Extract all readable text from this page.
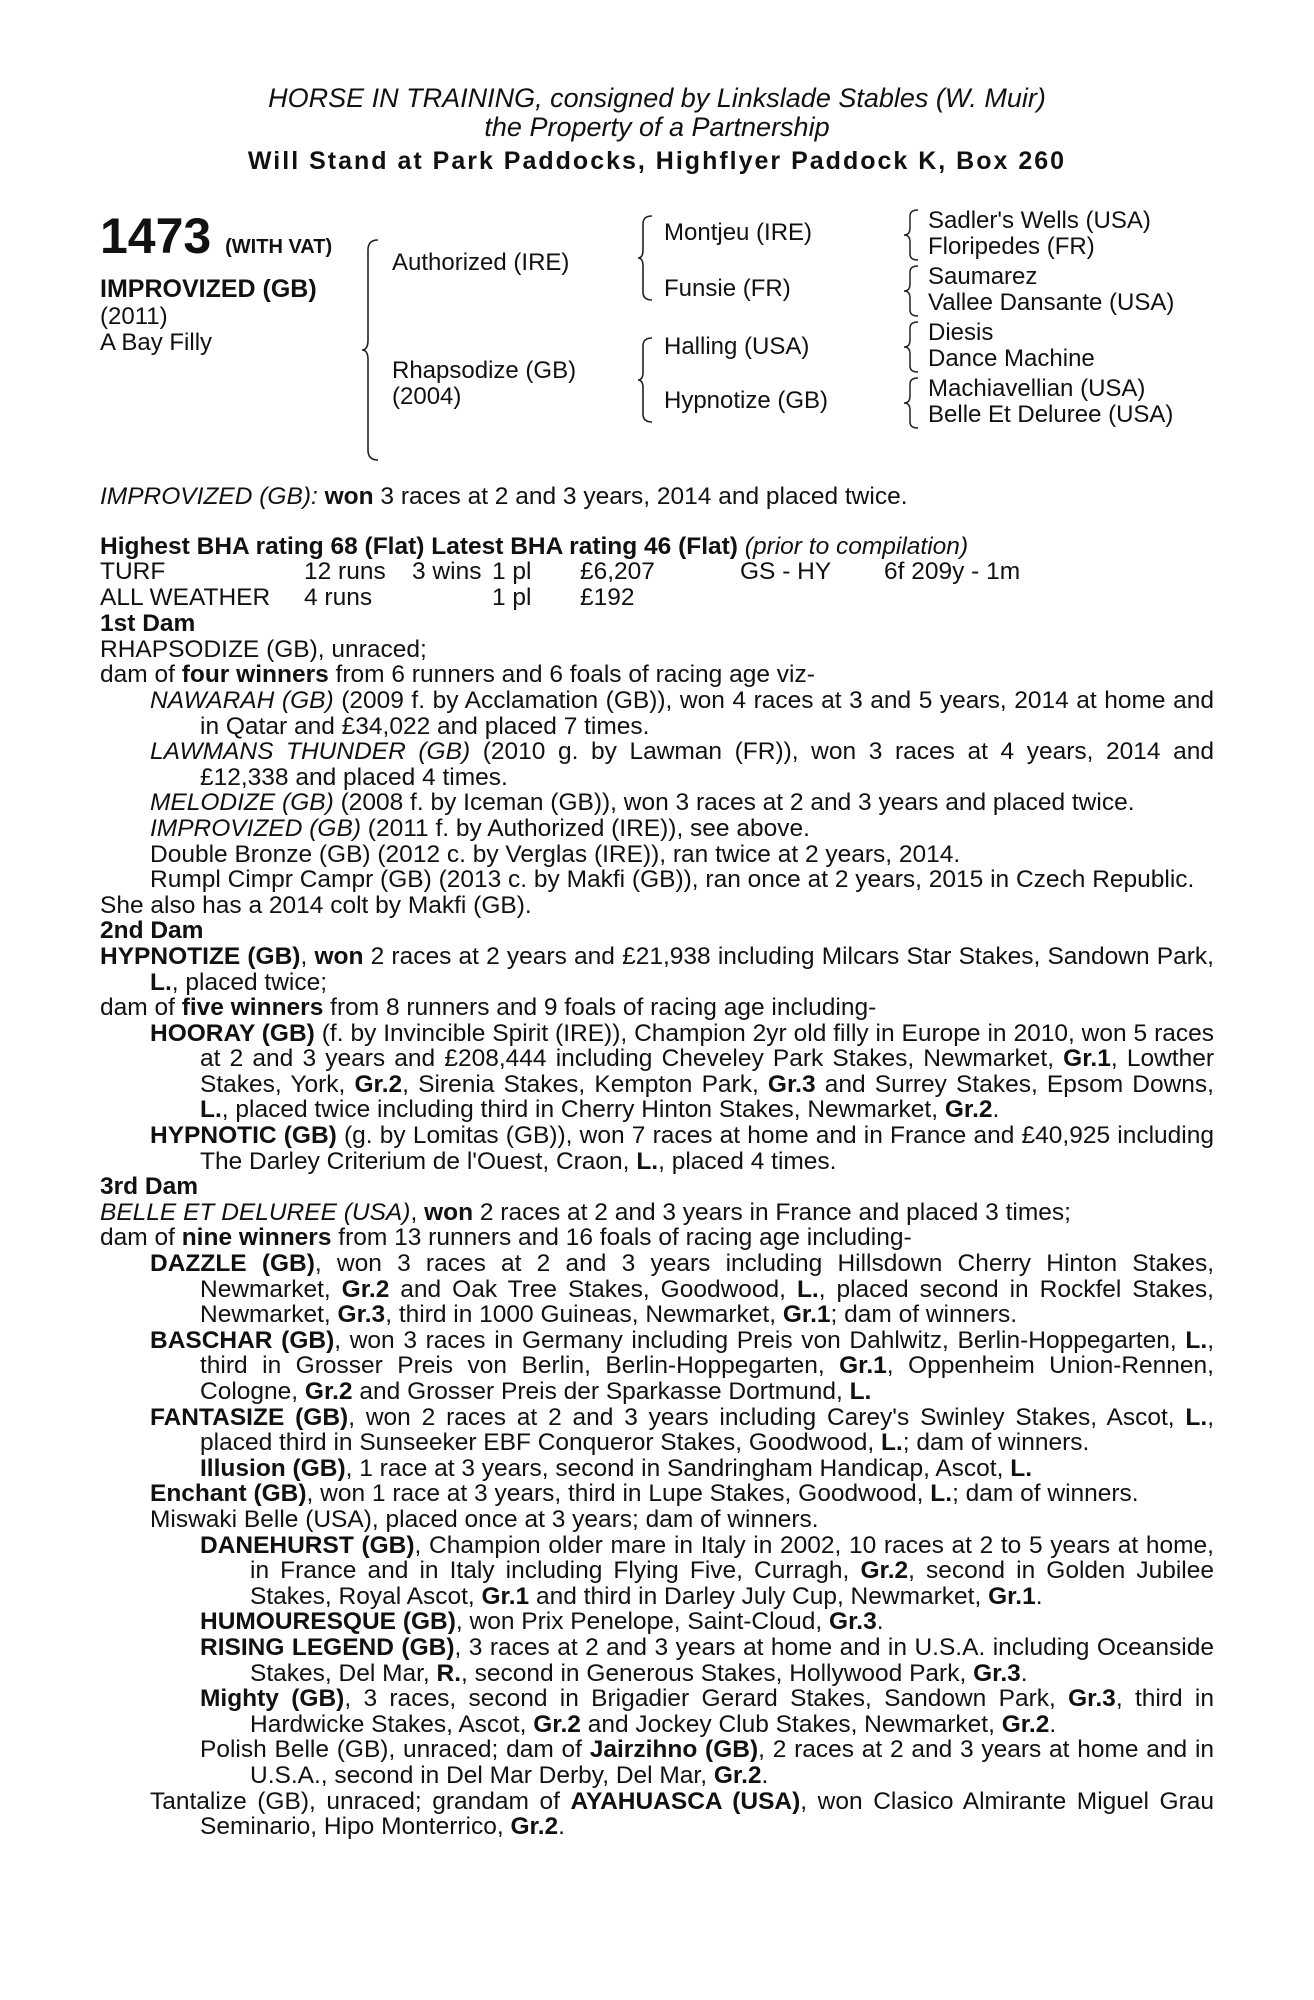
HORSE IN TRAINING, consigned by Linkslade Stables (W. Muir)
the Property of a Partnership
Will Stand at Park Paddocks, Highflyer Paddock K, Box 260
1473 (WITH VAT)
IMPROVIZED (GB)
(2011)
A Bay Filly
Authorized (IRE)
Rhapsodize (GB)
(2004)
Montjeu (IRE)
Funsie (FR)
Halling (USA)
Hypnotize (GB)
Sadler's Wells (USA)
Floripedes (FR)
Saumarez
Vallee Dansante (USA)
Diesis
Dance Machine
Machiavellian (USA)
Belle Et Deluree (USA)

IMPROVIZED (GB): won 3 races at 2 and 3 years, 2014 and placed twice.

Highest BHA rating 68 (Flat) Latest BHA rating 46 (Flat) (prior to compilation)

TURF	12 runs 3 wins 1 pl £6,207	GS - HY 6f 209y - 1m
ALL WEATHER 4 runs	1 pl £192

1st Dam

RHAPSODIZE (GB), unraced;

dam of four winners from 6 runners and 6 foals of racing age viz-

NAWARAH (GB) (2009 f. by Acclamation (GB)), won 4 races at 3 and 5 years, 2014 at home and in Qatar and £34,022 and placed 7 times.

LAWMANS THUNDER (GB) (2010 g. by Lawman (FR)), won 3 races at 4 years, 2014 and £12,338 and placed 4 times.

MELODIZE (GB) (2008 f. by Iceman (GB)), won 3 races at 2 and 3 years and placed twice.

IMPROVIZED (GB) (2011 f. by Authorized (IRE)), see above.

Double Bronze (GB) (2012 c. by Verglas (IRE)), ran twice at 2 years, 2014.

Rumpl Cimpr Campr (GB) (2013 c. by Makfi (GB)), ran once at 2 years, 2015 in Czech Republic.

She also has a 2014 colt by Makfi (GB).

2nd Dam

HYPNOTIZE (GB), won 2 races at 2 years and £21,938 including Milcars Star Stakes, Sandown Park, L., placed twice;

dam of five winners from 8 runners and 9 foals of racing age including-

HOORAY (GB) (f. by Invincible Spirit (IRE)), Champion 2yr old filly in Europe in 2010, won 5 races at 2 and 3 years and £208,444 including Cheveley Park Stakes, Newmarket, Gr.1, Lowther Stakes, York, Gr.2, Sirenia Stakes, Kempton Park, Gr.3 and Surrey Stakes, Epsom Downs, L., placed twice including third in Cherry Hinton Stakes, Newmarket, Gr.2.

HYPNOTIC (GB) (g. by Lomitas (GB)), won 7 races at home and in France and £40,925 including The Darley Criterium de l'Ouest, Craon, L., placed 4 times.

3rd Dam

BELLE ET DELUREE (USA), won 2 races at 2 and 3 years in France and placed 3 times;

dam of nine winners from 13 runners and 16 foals of racing age including-

DAZZLE (GB), won 3 races at 2 and 3 years including Hillsdown Cherry Hinton Stakes, Newmarket, Gr.2 and Oak Tree Stakes, Goodwood, L., placed second in Rockfel Stakes, Newmarket, Gr.3, third in 1000 Guineas, Newmarket, Gr.1; dam of winners.

BASCHAR (GB), won 3 races in Germany including Preis von Dahlwitz, Berlin-Hoppegarten, L., third in Grosser Preis von Berlin, Berlin-Hoppegarten, Gr.1, Oppenheim Union-Rennen, Cologne, Gr.2 and Grosser Preis der Sparkasse Dortmund, L.

FANTASIZE (GB), won 2 races at 2 and 3 years including Carey's Swinley Stakes, Ascot, L., placed third in Sunseeker EBF Conqueror Stakes, Goodwood, L.; dam of winners.

Illusion (GB), 1 race at 3 years, second in Sandringham Handicap, Ascot, L.

Enchant (GB), won 1 race at 3 years, third in Lupe Stakes, Goodwood, L.; dam of winners.

Miswaki Belle (USA), placed once at 3 years; dam of winners.

DANEHURST (GB), Champion older mare in Italy in 2002, 10 races at 2 to 5 years at home, in France and in Italy including Flying Five, Curragh, Gr.2, second in Golden Jubilee Stakes, Royal Ascot, Gr.1 and third in Darley July Cup, Newmarket, Gr.1.

HUMOURESQUE (GB), won Prix Penelope, Saint-Cloud, Gr.3.

RISING LEGEND (GB), 3 races at 2 and 3 years at home and in U.S.A. including Oceanside Stakes, Del Mar, R., second in Generous Stakes, Hollywood Park, Gr.3.

Mighty (GB), 3 races, second in Brigadier Gerard Stakes, Sandown Park, Gr.3, third in Hardwicke Stakes, Ascot, Gr.2 and Jockey Club Stakes, Newmarket, Gr.2.

Polish Belle (GB), unraced; dam of Jairzihno (GB), 2 races at 2 and 3 years at home and in U.S.A., second in Del Mar Derby, Del Mar, Gr.2.

Tantalize (GB), unraced; grandam of AYAHUASCA (USA), won Clasico Almirante Miguel Grau Seminario, Hipo Monterrico, Gr.2.
